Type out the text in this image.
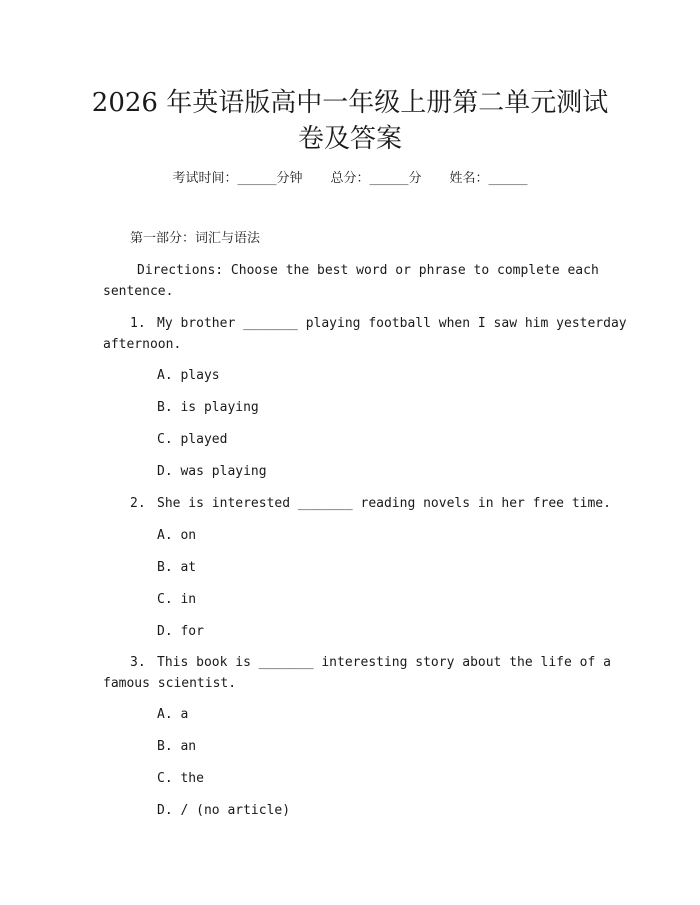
2026 年英语版高中一年级上册第二单元测试
卷及答案
考试时间：______分钟 总分：______分 姓名：______
第一部分：词汇与语法
Directions: Choose the best word or phrase to complete each
sentence.
1. My brother _______ playing football when I saw him yesterday
afternoon.
A. plays
B. is playing
C. played
D. was playing
2. She is interested _______ reading novels in her free time.
A. on
B. at
C. in
D. for
3. This book is _______ interesting story about the life of a
famous scientist.
A. a
B. an
C. the
D. / (no article)
